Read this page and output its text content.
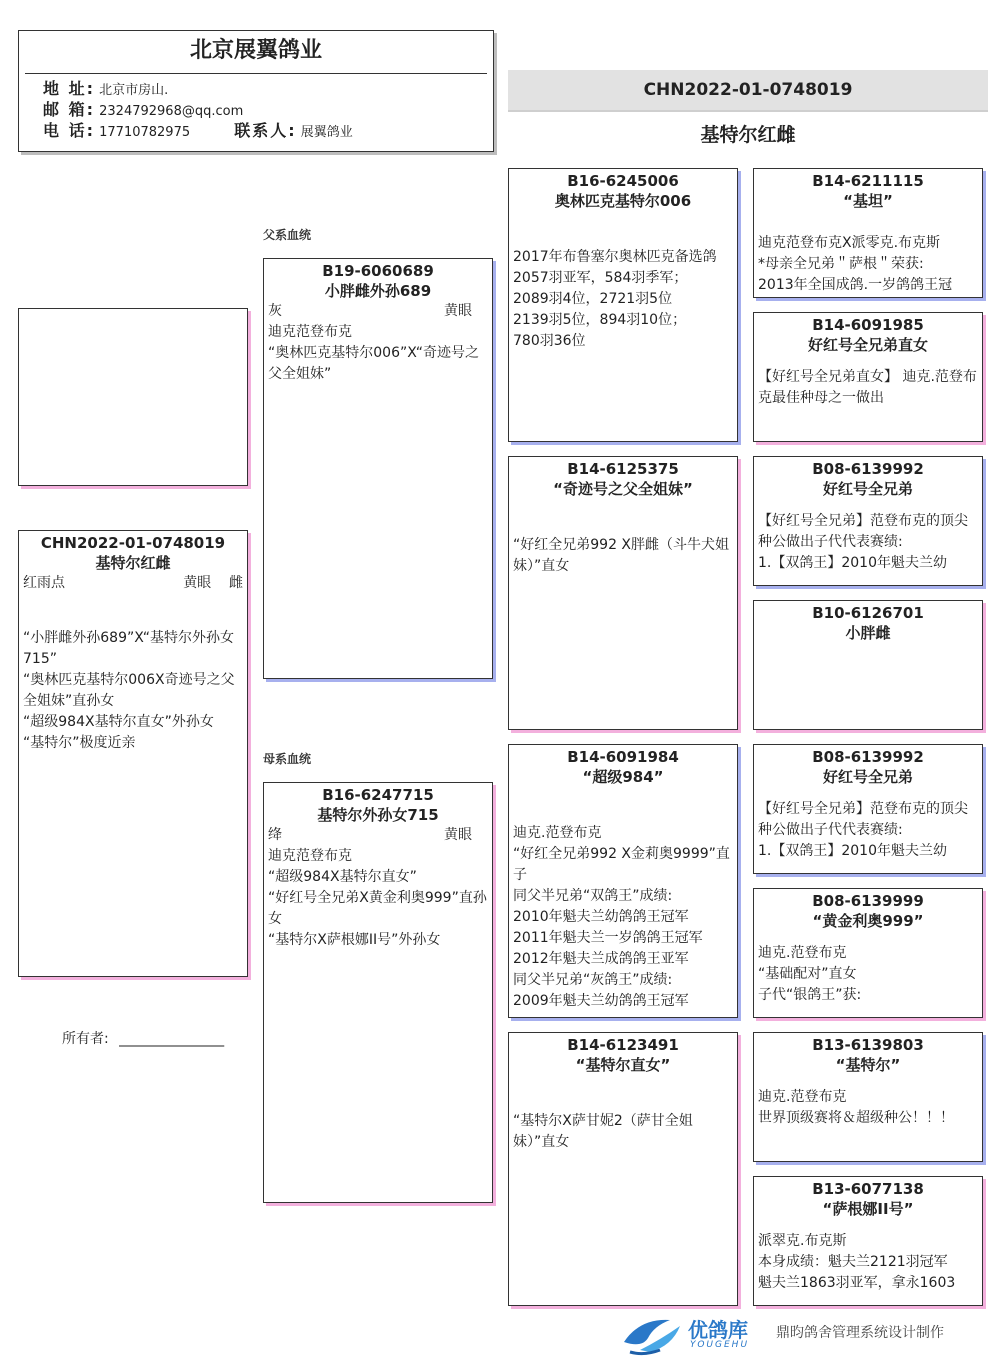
北京展翼鸽业
地 址: 北京市房山.
邮 箱: 2324792968@qq.com
电 话: 17710782975	联系人: 展翼鸽业
CHN2022-01-0748019
基特尔红雌
CHN2022-01-0748019
基特尔红雌
红雨点	黄眼 雌
“小胖雌外孙689”X“基特尔外孙女715”
“奥林匹克基特尔006X奇迹号之父全姐妹”直孙女
“超级984X基特尔直女”外孙女
“基特尔”极度近亲
父系血统
母系血统
B19-6060689
小胖雌外孙689
灰	黄眼
迪克范登布克
“奥林匹克基特尔006”X“奇迹号之父全姐妹”
B16-6247715
基特尔外孙女715
绛	黄眼
迪克范登布克
“超级984X基特尔直女”
“好红号全兄弟X黄金利奥999”直孙女
“基特尔X萨根娜II号”外孙女
B16-6245006
奥林匹克基特尔006
2017年布鲁塞尔奥林匹克备选鸽
2057羽亚军，584羽季军；
2089羽4位，2721羽5位
2139羽5位，894羽10位；
780羽36位
B14-6125375
“奇迹号之父全姐妹”
“好红全兄弟992 X胖雌（斗牛犬姐妹）”直女
B14-6091984
“超级984”
迪克.范登布克
“好红全兄弟992 X金莉奥9999”直子
同父半兄弟“双鸽王”成绩:
2010年魁夫兰幼鸽鸽王冠军
2011年魁夫兰一岁鸽鸽王冠军
2012年魁夫兰成鸽鸽王亚军
同父半兄弟“灰鸽王”成绩:
2009年魁夫兰幼鸽鸽王冠军
B14-6123491
“基特尔直女”
“基特尔X萨甘妮2（萨甘全姐妹）”直女
B14-6211115
“基坦”
迪克范登布克X派零克.布克斯
*母亲全兄弟＂萨根＂荣获:
2013年全国成鸽.一岁鸽鸽王冠
B14-6091985
好红号全兄弟直女
【好红号全兄弟直女】 迪克.范登布克最佳种母之一做出
B08-6139992
好红号全兄弟
【好红号全兄弟】范登布克的顶尖种公做出子代代表赛绩:
1.【双鸽王】2010年魁夫兰幼
B10-6126701
小胖雌
B08-6139992
好红号全兄弟
【好红号全兄弟】范登布克的顶尖种公做出子代代表赛绩:
1.【双鸽王】2010年魁夫兰幼
B08-6139999
“黄金利奥999”
迪克.范登布克
“基础配对”直女
子代“银鸽王”获:
B13-6139803
“基特尔”
迪克.范登布克
世界顶级赛将＆超级种公！！！
B13-6077138
“萨根娜II号”
派翠克.布克斯
本身成绩：魁夫兰2121羽冠军
魁夫兰1863羽亚军，拿永1603
所有者: _______________
优鸽库
YOUGEHU
鼎昀鸽舍管理系统设计制作
